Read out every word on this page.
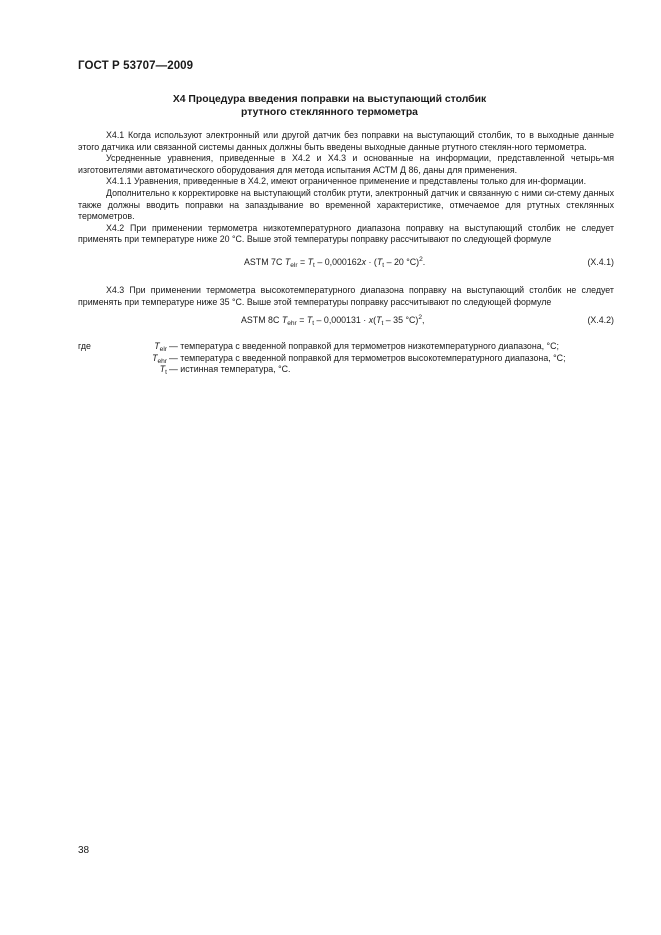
ГОСТ Р 53707—2009
X4 Процедура введения поправки на выступающий столбик
ртутного стеклянного термометра

X4.1 Когда используют электронный или другой датчик без поправки на выступающий столбик, то в выходные данные этого датчика или связанной системы данных должны быть введены выходные данные ртутного стеклян-ного термометра.

Усредненные уравнения, приведенные в X4.2 и X4.3 и основанные на информации, представленной четырь-мя изготовителями автоматического оборудования для метода испытания АСТМ Д 86, даны для применения.

X4.1.1 Уравнения, приведенные в X4.2, имеют ограниченное применение и представлены только для ин-формации.

Дополнительно к корректировке на выступающий столбик ртути, электронный датчик и связанную с ними си-стему данных также должны вводить поправки на запаздывание во временной характеристике, отмечаемое для ртутных стеклянных термометров.

X4.2 При применении термометра низкотемпературного диапазона поправку на выступающий столбик не следует применять при температуре ниже 20 °С. Выше этой температуры поправку рассчитывают по следующей формуле

ASTM 7C $T_{elr} = T_t - 0,000162x \cdot (T_t - 20$ °С)$^2$.	(X.4.1)

X4.3 При применении термометра высокотемпературного диапазона поправку на выступающий столбик не следует применять при температуре ниже 35 °С. Выше этой температуры поправку рассчитывают по следующей формуле

ASTM 8C $T_{ehr} = T_t - 0,000131 \cdot x(T_t - 35$ °С)$^2$,	(X.4.2)
где	$T_{elr}$ — температура с введенной поправкой для термометров низкотемпературного диапазона, °С;
$T_{ehr}$ — температура с введенной поправкой для термометров высокотемпературного диапазона, °С;
$T_t$ — истинная температура, °С.
38
